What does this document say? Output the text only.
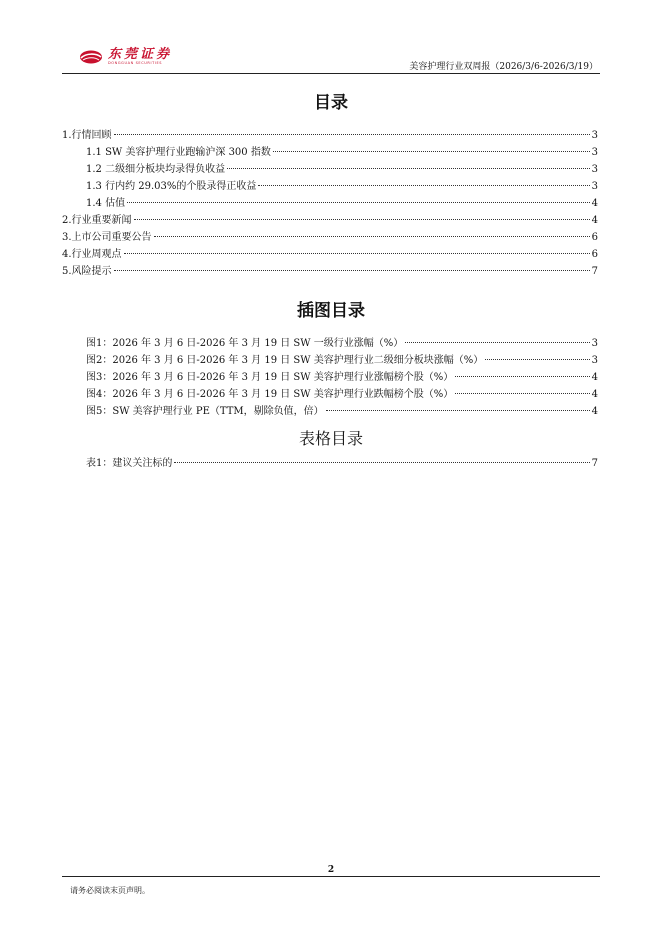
东莞证券
DONGGUAN SECURITIES	美容护理行业双周报（2026/3/6-2026/3/19）
目录
1.行情回顾	3
1.1 SW 美容护理行业跑输沪深 300 指数	3
1.2 二级细分板块均录得负收益	3
1.3 行内约 29.03%的个股录得正收益	3
1.4 估值	4
2.行业重要新闻	4
3.上市公司重要公告	6
4.行业周观点	6
5.风险提示	7
插图目录
图1：2026 年 3 月 6 日-2026 年 3 月 19 日 SW 一级行业涨幅（%）	3
图2：2026 年 3 月 6 日-2026 年 3 月 19 日 SW 美容护理行业二级细分板块涨幅（%）	3
图3：2026 年 3 月 6 日-2026 年 3 月 19 日 SW 美容护理行业涨幅榜个股（%）	4
图4：2026 年 3 月 6 日-2026 年 3 月 19 日 SW 美容护理行业跌幅榜个股（%）	4
图5：SW 美容护理行业 PE（TTM，剔除负值，倍）	4
表格目录
表1：建议关注标的	7
2
请务必阅读末页声明。
